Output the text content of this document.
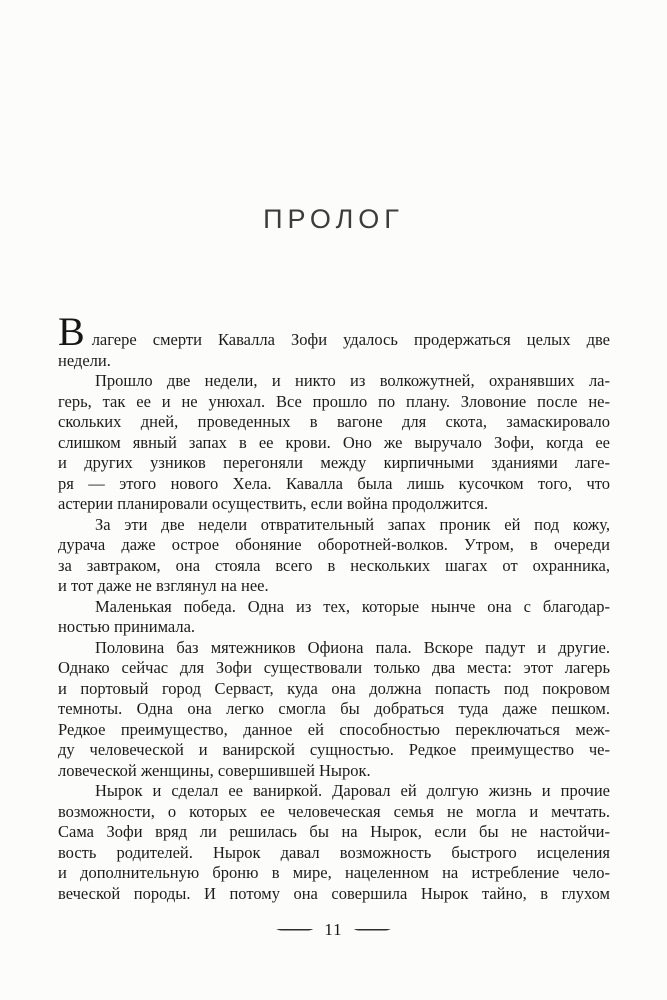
ПРОЛОГ
Влагере смерти Кавалла Зофи удалось продержаться целых две
недели.
Прошло две недели, и никто из волкожутней, охранявших ла-
герь, так ее и не унюхал. Все прошло по плану. Зловоние после не-
скольких дней, проведенных в вагоне для скота, замаскировало
слишком явный запах в ее крови. Оно же выручало Зофи, когда ее
и других узников перегоняли между кирпичными зданиями лаге-
ря — этого нового Хела. Кавалла была лишь кусочком того, что
астерии планировали осуществить, если война продолжится.
За эти две недели отвратительный запах проник ей под кожу,
дурача даже острое обоняние оборотней-волков. Утром, в очереди
за завтраком, она стояла всего в нескольких шагах от охранника,
и тот даже не взглянул на нее.
Маленькая победа. Одна из тех, которые нынче она с благодар-
ностью принимала.
Половина баз мятежников Офиона пала. Вскоре падут и другие.
Однако сейчас для Зофи существовали только два места: этот лагерь
и портовый город Серваст, куда она должна попасть под покровом
темноты. Одна она легко смогла бы добраться туда даже пешком.
Редкое преимущество, данное ей способностью переключаться меж-
ду человеческой и ванирской сущностью. Редкое преимущество че-
ловеческой женщины, совершившей Нырок.
Нырок и сделал ее ваниркой. Даровал ей долгую жизнь и прочие
возможности, о которых ее человеческая семья не могла и мечтать.
Сама Зофи вряд ли решилась бы на Нырок, если бы не настойчи-
вость родителей. Нырок давал возможность быстрого исцеления
и дополнительную броню в мире, нацеленном на истребление чело-
веческой породы. И потому она совершила Нырок тайно, в глухом
11
